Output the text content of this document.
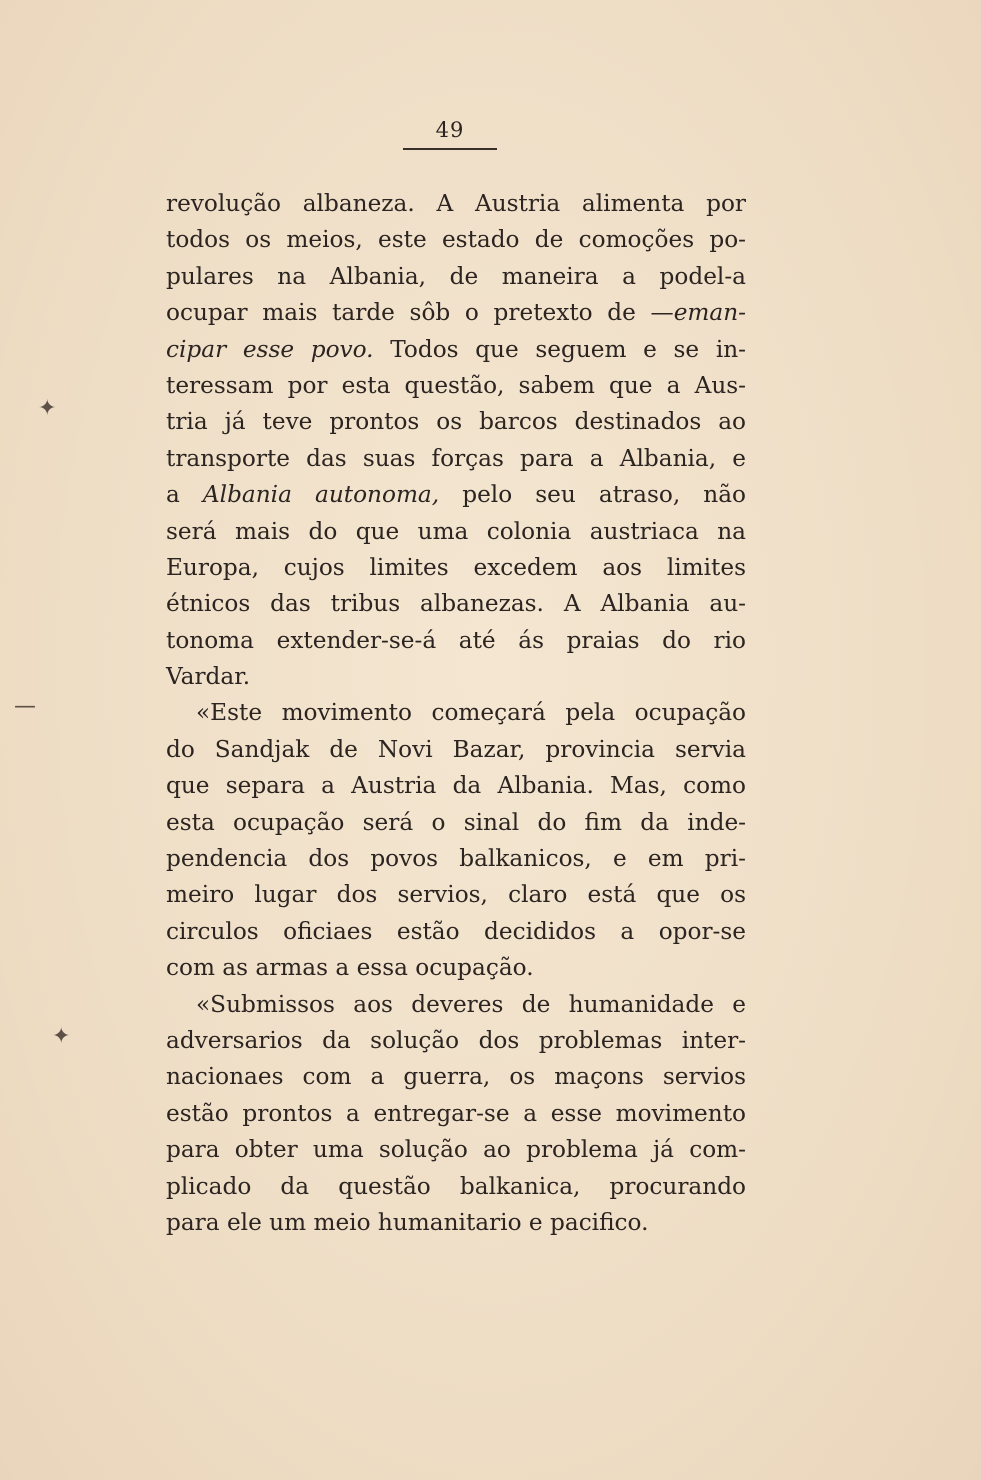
49
✦
—
✦
revolução albaneza. A Austria alimenta por
todos os meios, este estado de comoções po-
pulares na Albania, de maneira a podel-a
ocupar mais tarde sôb o pretexto de —eman-
cipar esse povo. Todos que seguem e se in-
teressam por esta questão, sabem que a Aus-
tria já teve prontos os barcos destinados ao
transporte das suas forças para a Albania, e
a Albania autonoma, pelo seu atraso, não
será mais do que uma colonia austriaca na
Europa, cujos limites excedem aos limites
étnicos das tribus albanezas. A Albania au-
tonoma extender-se-á até ás praias do rio
Vardar.
«Este movimento começará pela ocupação
do Sandjak de Novi Bazar, provincia servia
que separa a Austria da Albania. Mas, como
esta ocupação será o sinal do fim da inde-
pendencia dos povos balkanicos, e em pri-
meiro lugar dos servios, claro está que os
circulos oficiaes estão decididos a opor-se
com as armas a essa ocupação.
«Submissos aos deveres de humanidade e
adversarios da solução dos problemas inter-
nacionaes com a guerra, os maçons servios
estão prontos a entregar-se a esse movimento
para obter uma solução ao problema já com-
plicado da questão balkanica, procurando
para ele um meio humanitario e pacifico.
